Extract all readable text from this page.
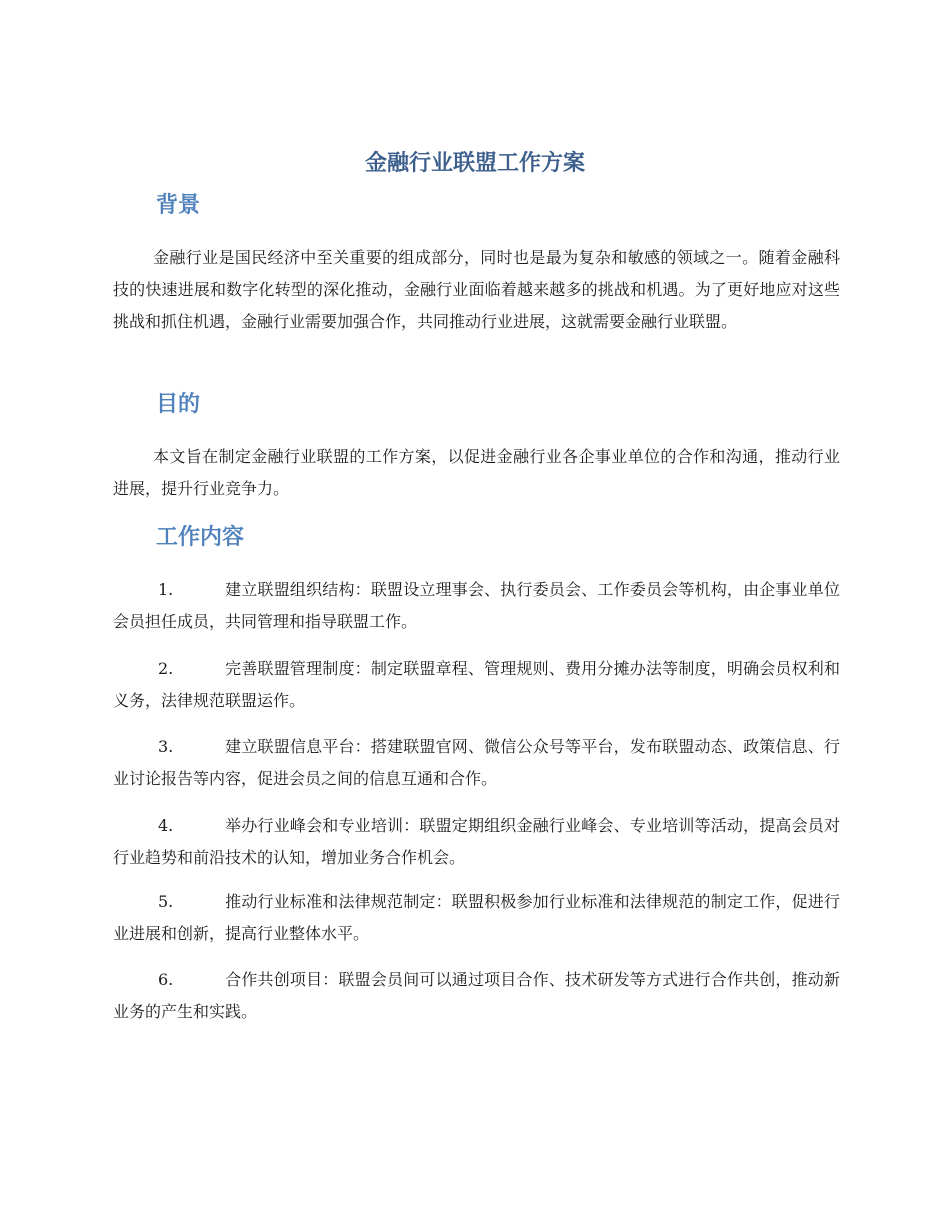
金融行业联盟工作方案
背景

金融行业是国民经济中至关重要的组成部分，同时也是最为复杂和敏感的领域之一。随着金融科技的快速进展和数字化转型的深化推动，金融行业面临着越来越多的挑战和机遇。为了更好地应对这些挑战和抓住机遇，金融行业需要加强合作，共同推动行业进展，这就需要金融行业联盟。

目的

本文旨在制定金融行业联盟的工作方案，以促进金融行业各企事业单位的合作和沟通，推动行业进展，提升行业竞争力。

工作内容
1.	建立联盟组织结构：联盟设立理事会、执行委员会、工作委员会等机构，由企事业单位会员担任成员，共同管理和指导联盟工作。
2.	完善联盟管理制度：制定联盟章程、管理规则、费用分摊办法等制度，明确会员权利和义务，法律规范联盟运作。
3.	建立联盟信息平台：搭建联盟官网、微信公众号等平台，发布联盟动态、政策信息、行业讨论报告等内容，促进会员之间的信息互通和合作。
4.	举办行业峰会和专业培训：联盟定期组织金融行业峰会、专业培训等活动，提高会员对行业趋势和前沿技术的认知，增加业务合作机会。
5.	推动行业标准和法律规范制定：联盟积极参加行业标准和法律规范的制定工作，促进行业进展和创新，提高行业整体水平。
6.	合作共创项目：联盟会员间可以通过项目合作、技术研发等方式进行合作共创，推动新业务的产生和实践。
